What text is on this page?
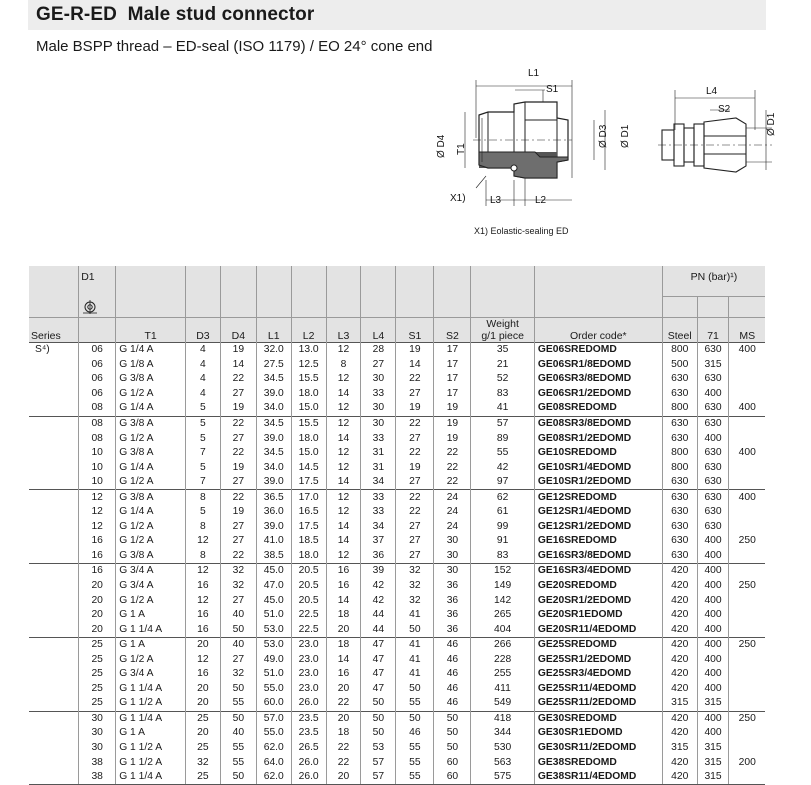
GE-R-ED  Male stud connector
Male BSPP thread – ED-seal (ISO 1179) / EO 24° cone end
L1
S1
Ø D4 T1
Ø D3 Ø D1
X1) L3	L2
L4
S2
Ø D1
X1) Eolastic-sealing ED
	D1												PN (bar)¹)		

Series		T1	D3	D4	L1	L2	L3	L4	S1	S2	Weight
g/1 piece	Order code*	Steel	71	MS
S⁴)	06	G 1/4 A	4	19	32.0	13.0	12	28	19	17	35	GE06SREDOMD	800	630	400
	06	G 1/8 A	4	14	27.5	12.5	8	27	14	17	21	GE06SR1/8EDOMD	500	315	
	06	G 3/8 A	4	22	34.5	15.5	12	30	22	17	52	GE06SR3/8EDOMD	630	630	
	06	G 1/2 A	4	27	39.0	18.0	14	33	27	17	83	GE06SR1/2EDOMD	630	400	
	08	G 1/4 A	5	19	34.0	15.0	12	30	19	19	41	GE08SREDOMD	800	630	400
	08	G 3/8 A	5	22	34.5	15.5	12	30	22	19	57	GE08SR3/8EDOMD	630	630	
	08	G 1/2 A	5	27	39.0	18.0	14	33	27	19	89	GE08SR1/2EDOMD	630	400	
	10	G 3/8 A	7	22	34.5	15.0	12	31	22	22	55	GE10SREDOMD	800	630	400
	10	G 1/4 A	5	19	34.0	14.5	12	31	19	22	42	GE10SR1/4EDOMD	800	630	
	10	G 1/2 A	7	27	39.0	17.5	14	34	27	22	97	GE10SR1/2EDOMD	630	630	
	12	G 3/8 A	8	22	36.5	17.0	12	33	22	24	62	GE12SREDOMD	630	630	400
	12	G 1/4 A	5	19	36.0	16.5	12	33	22	24	61	GE12SR1/4EDOMD	630	630	
	12	G 1/2 A	8	27	39.0	17.5	14	34	27	24	99	GE12SR1/2EDOMD	630	630	
	16	G 1/2 A	12	27	41.0	18.5	14	37	27	30	91	GE16SREDOMD	630	400	250
	16	G 3/8 A	8	22	38.5	18.0	12	36	27	30	83	GE16SR3/8EDOMD	630	400	
	16	G 3/4 A	12	32	45.0	20.5	16	39	32	30	152	GE16SR3/4EDOMD	420	400	
	20	G 3/4 A	16	32	47.0	20.5	16	42	32	36	149	GE20SREDOMD	420	400	250
	20	G 1/2 A	12	27	45.0	20.5	14	42	32	36	142	GE20SR1/2EDOMD	420	400	
	20	G 1 A	16	40	51.0	22.5	18	44	41	36	265	GE20SR1EDOMD	420	400	
	20	G 1 1/4 A	16	50	53.0	22.5	20	44	50	36	404	GE20SR11/4EDOMD	420	400	
	25	G 1 A	20	40	53.0	23.0	18	47	41	46	266	GE25SREDOMD	420	400	250
	25	G 1/2 A	12	27	49.0	23.0	14	47	41	46	228	GE25SR1/2EDOMD	420	400	
	25	G 3/4 A	16	32	51.0	23.0	16	47	41	46	255	GE25SR3/4EDOMD	420	400	
	25	G 1 1/4 A	20	50	55.0	23.0	20	47	50	46	411	GE25SR11/4EDOMD	420	400	
	25	G 1 1/2 A	20	55	60.0	26.0	22	50	55	46	549	GE25SR11/2EDOMD	315	315	
	30	G 1 1/4 A	25	50	57.0	23.5	20	50	50	50	418	GE30SREDOMD	420	400	250
	30	G 1 A	20	40	55.0	23.5	18	50	46	50	344	GE30SR1EDOMD	420	400	
	30	G 1 1/2 A	25	55	62.0	26.5	22	53	55	50	530	GE30SR11/2EDOMD	315	315	
	38	G 1 1/2 A	32	55	64.0	26.0	22	57	55	60	563	GE38SREDOMD	420	315	200
	38	G 1 1/4 A	25	50	62.0	26.0	20	57	55	60	575	GE38SR11/4EDOMD	420	315	
